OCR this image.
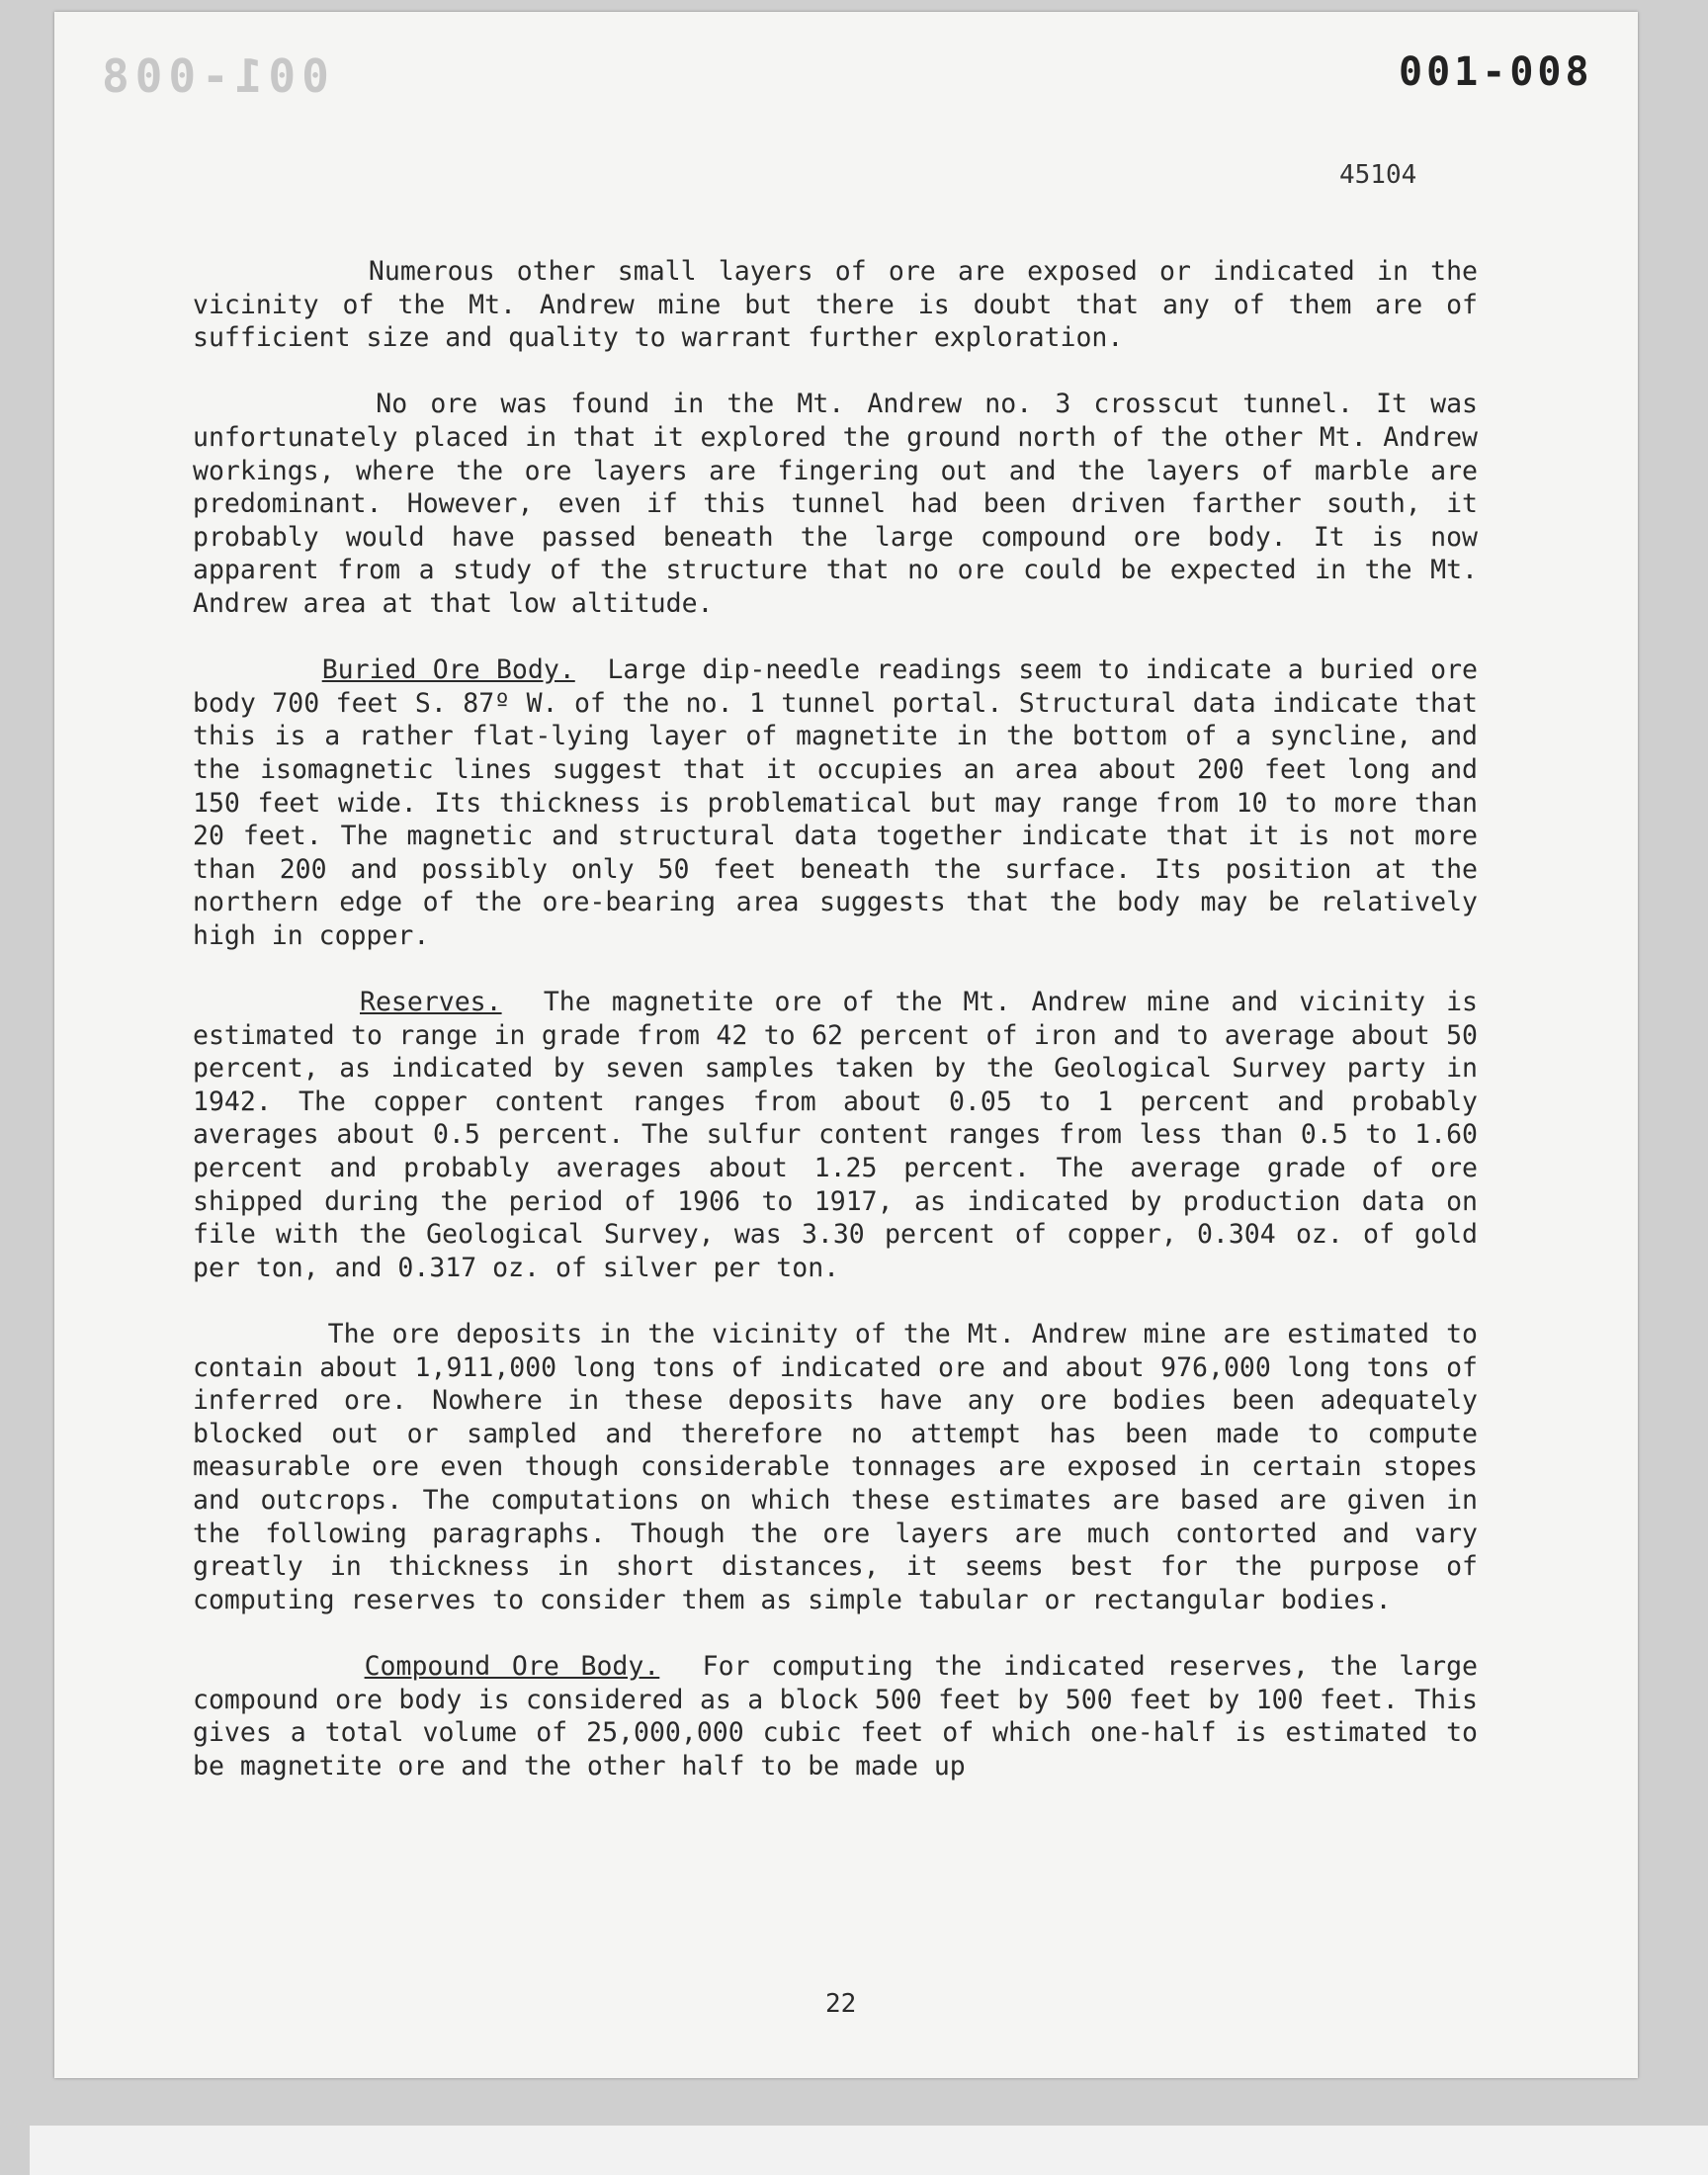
001-008	001-008
45104
22

Numerous other small layers of ore are exposed or indicated in the vicinity of the Mt. Andrew mine but there is doubt that any of them are of sufficient size and quality to warrant further exploration.

No ore was found in the Mt. Andrew no. 3 crosscut tunnel. It was unfortunately placed in that it explored the ground north of the other Mt. Andrew workings, where the ore layers are fingering out and the layers of marble are predominant. However, even if this tunnel had been driven farther south, it probably would have passed beneath the large compound ore body. It is now apparent from a study of the structure that no ore could be expected in the Mt. Andrew area at that low altitude.

Buried Ore Body. Large dip-needle readings seem to indicate a buried ore body 700 feet S. 87º W. of the no. 1 tunnel portal. Structural data indicate that this is a rather flat-lying layer of magnetite in the bottom of a syncline, and the isomagnetic lines suggest that it occupies an area about 200 feet long and 150 feet wide. Its thickness is problematical but may range from 10 to more than 20 feet. The magnetic and structural data together indicate that it is not more than 200 and possibly only 50 feet beneath the surface. Its position at the northern edge of the ore-bearing area suggests that the body may be relatively high in copper.

Reserves. The magnetite ore of the Mt. Andrew mine and vicinity is estimated to range in grade from 42 to 62 percent of iron and to average about 50 percent, as indicated by seven samples taken by the Geological Survey party in 1942. The copper content ranges from about 0.05 to 1 percent and probably averages about 0.5 percent. The sulfur content ranges from less than 0.5 to 1.60 percent and probably averages about 1.25 percent. The average grade of ore shipped during the period of 1906 to 1917, as indicated by production data on file with the Geological Survey, was 3.30 percent of copper, 0.304 oz. of gold per ton, and 0.317 oz. of silver per ton.

The ore deposits in the vicinity of the Mt. Andrew mine are estimated to contain about 1,911,000 long tons of indicated ore and about 976,000 long tons of inferred ore. Nowhere in these deposits have any ore bodies been adequately blocked out or sampled and therefore no attempt has been made to compute measurable ore even though considerable tonnages are exposed in certain stopes and outcrops. The computations on which these estimates are based are given in the following paragraphs. Though the ore layers are much contorted and vary greatly in thickness in short distances, it seems best for the purpose of computing reserves to consider them as simple tabular or rectangular bodies.

Compound Ore Body. For computing the indicated reserves, the large compound ore body is considered as a block 500 feet by 500 feet by 100 feet. This gives a total volume of 25,000,000 cubic feet of which one-half is estimated to be magnetite ore and the other half to be made up
